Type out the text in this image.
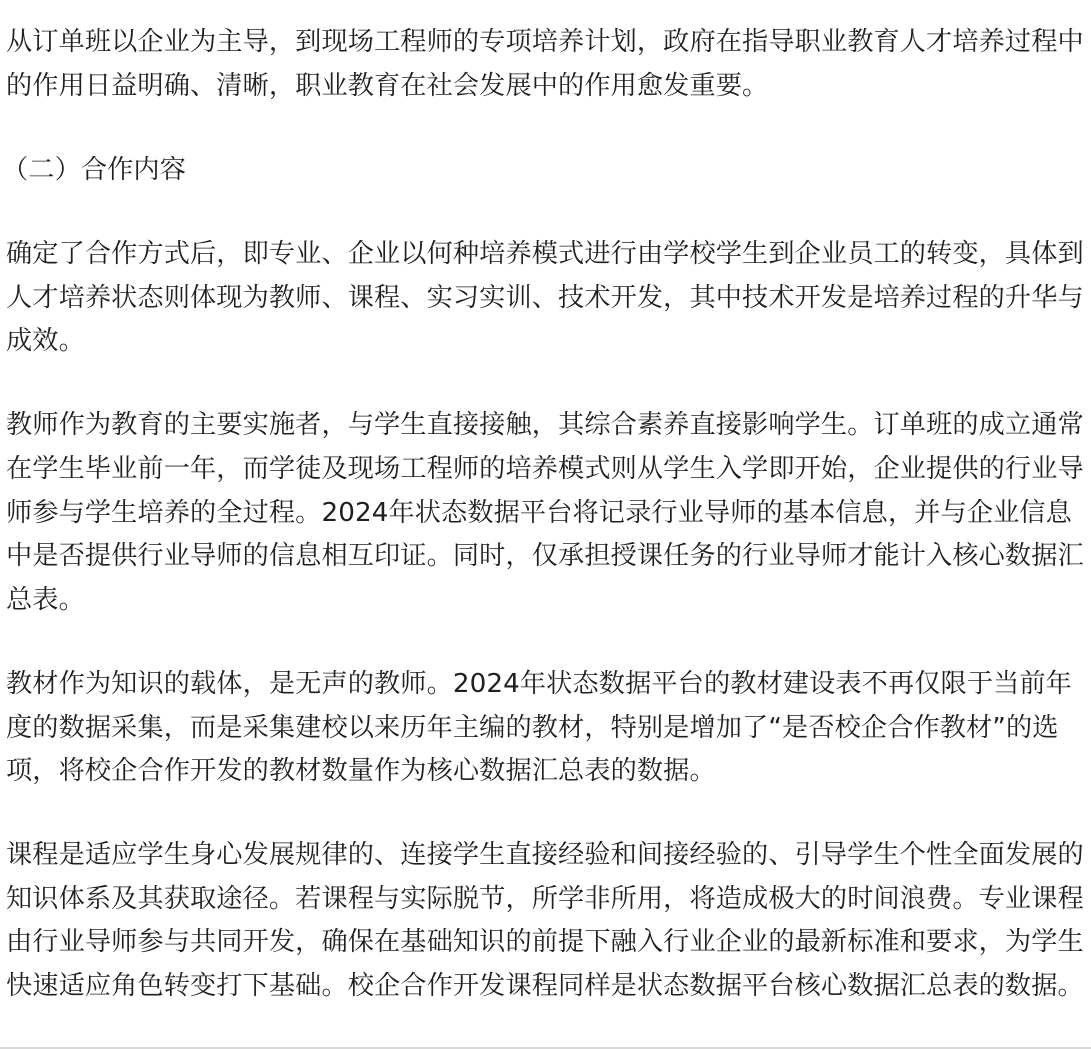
从订单班以企业为主导，到现场工程师的专项培养计划，政府在指导职业教育人才培养过程中的作用日益明确、清晰，职业教育在社会发展中的作用愈发重要。

（二）合作内容

确定了合作方式后，即专业、企业以何种培养模式进行由学校学生到企业员工的转变，具体到人才培养状态则体现为教师、课程、实习实训、技术开发，其中技术开发是培养过程的升华与成效。

教师作为教育的主要实施者，与学生直接接触，其综合素养直接影响学生。订单班的成立通常在学生毕业前一年，而学徒及现场工程师的培养模式则从学生入学即开始，企业提供的行业导师参与学生培养的全过程。2024年状态数据平台将记录行业导师的基本信息，并与企业信息中是否提供行业导师的信息相互印证。同时，仅承担授课任务的行业导师才能计入核心数据汇总表。

教材作为知识的载体，是无声的教师。2024年状态数据平台的教材建设表不再仅限于当前年度的数据采集，而是采集建校以来历年主编的教材，特别是增加了“是否校企合作教材”的选项，将校企合作开发的教材数量作为核心数据汇总表的数据。

课程是适应学生身心发展规律的、连接学生直接经验和间接经验的、引导学生个性全面发展的知识体系及其获取途径。若课程与实际脱节，所学非所用，将造成极大的时间浪费。专业课程由行业导师参与共同开发，确保在基础知识的前提下融入行业企业的最新标准和要求，为学生快速适应角色转变打下基础。校企合作开发课程同样是状态数据平台核心数据汇总表的数据。
